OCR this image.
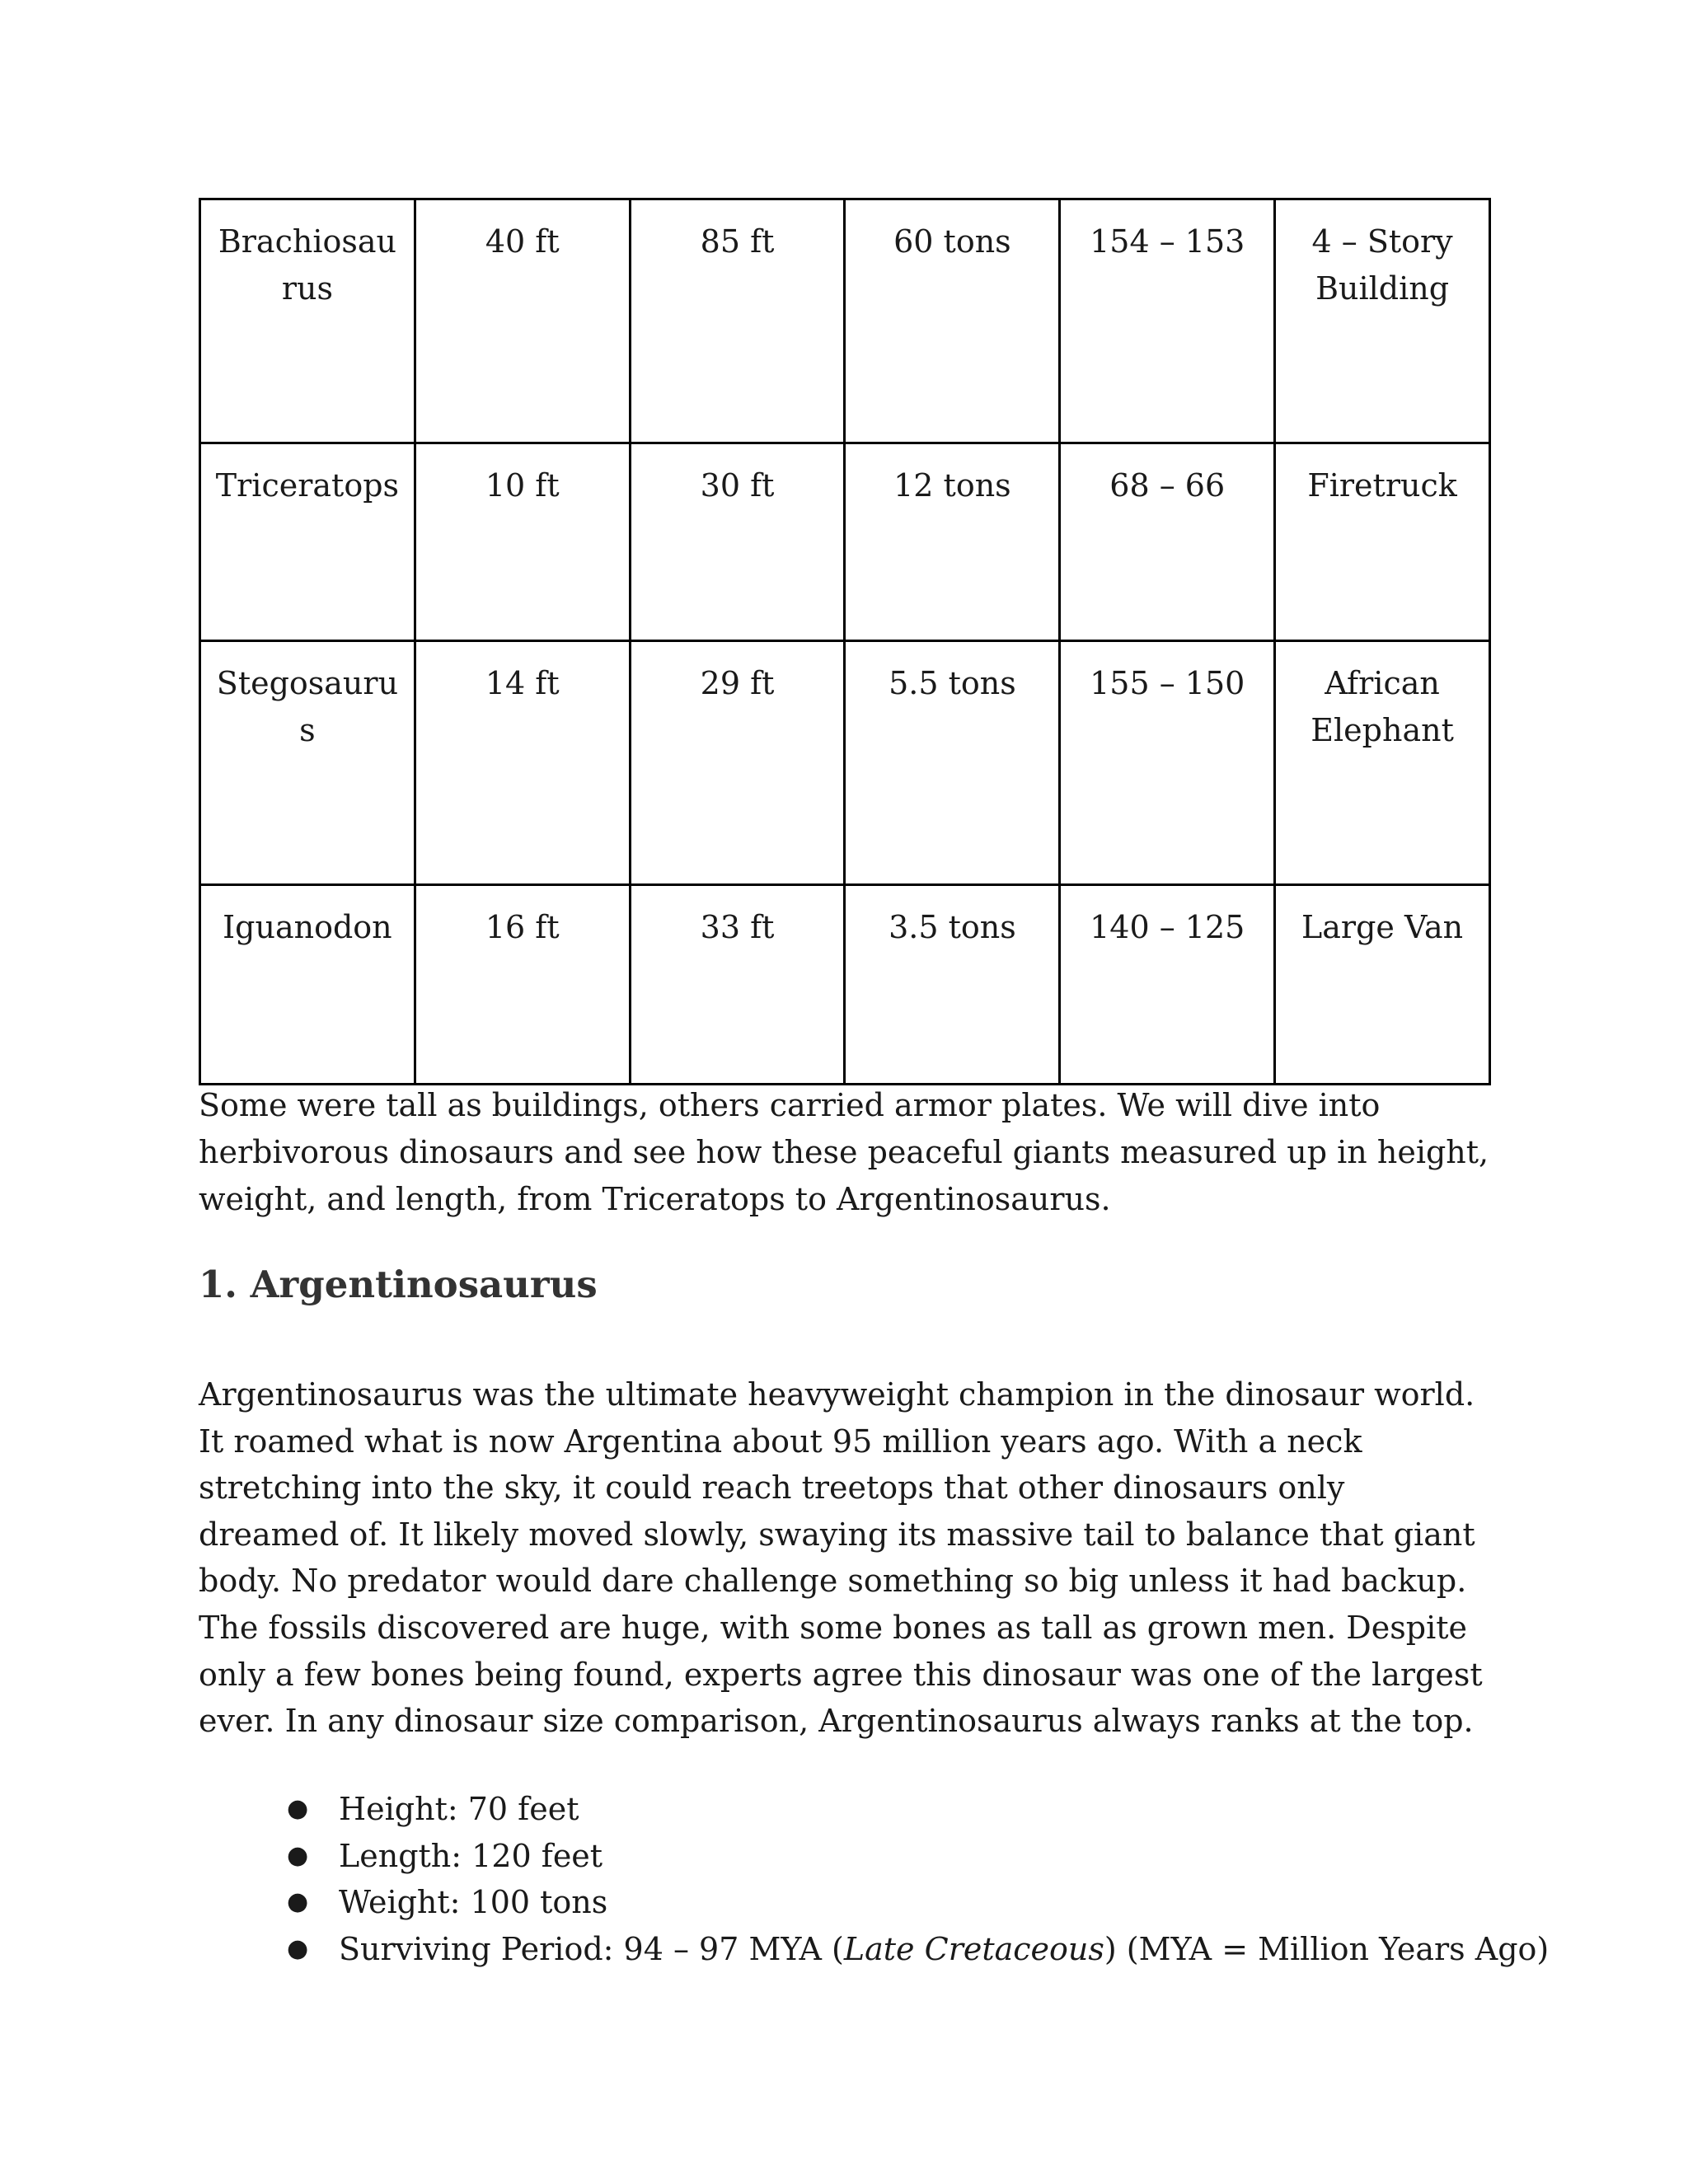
Brachiosaurus	40 ft	85 ft	60 tons	154 – 153	4 – Story Building
Triceratops	10 ft	30 ft	12 tons	68 – 66	Firetruck
Stegosaurus	14 ft	29 ft	5.5 tons	155 – 150	African Elephant
Iguanodon	16 ft	33 ft	3.5 tons	140 – 125	Large Van

Some were tall as buildings, others carried armor plates. We will dive into herbivorous dinosaurs and see how these peaceful giants measured up in height, weight, and length, from Triceratops to Argentinosaurus.

1. Argentinosaurus

Argentinosaurus was the ultimate heavyweight champion in the dinosaur world. It roamed what is now Argentina about 95 million years ago. With a neck stretching into the sky, it could reach treetops that other dinosaurs only dreamed of. It likely moved slowly, swaying its massive tail to balance that giant body. No predator would dare challenge something so big unless it had backup. The fossils discovered are huge, with some bones as tall as grown men. Despite only a few bones being found, experts agree this dinosaur was one of the largest ever. In any dinosaur size comparison, Argentinosaurus always ranks at the top.

● Height: 70 feet
● Length: 120 feet
● Weight: 100 tons
● Surviving Period: 94 – 97 MYA (Late Cretaceous) (MYA = Million Years Ago)
